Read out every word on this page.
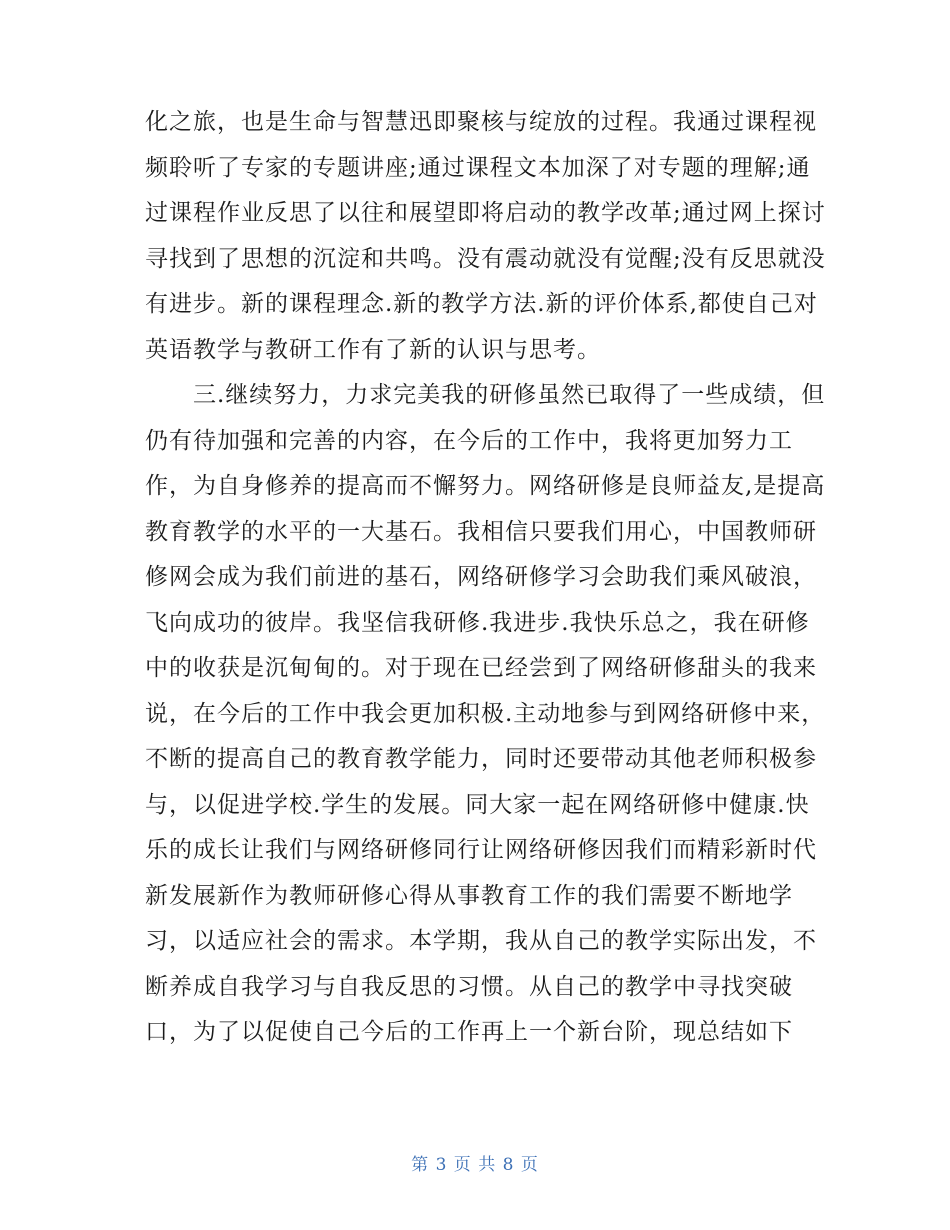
化之旅，也是生命与智慧迅即聚核与绽放的过程。我通过课程视
频聆听了专家的专题讲座;通过课程文本加深了对专题的理解;通
过课程作业反思了以往和展望即将启动的教学改革;通过网上探讨
寻找到了思想的沉淀和共鸣。没有震动就没有觉醒;没有反思就没
有进步。新的课程理念.新的教学方法.新的评价体系,都使自己对
英语教学与教研工作有了新的认识与思考。
　　三.继续努力，力求完美我的研修虽然已取得了一些成绩，但
仍有待加强和完善的内容，在今后的工作中，我将更加努力工
作，为自身修养的提高而不懈努力。网络研修是良师益友,是提高
教育教学的水平的一大基石。我相信只要我们用心，中国教师研
修网会成为我们前进的基石，网络研修学习会助我们乘风破浪，
飞向成功的彼岸。我坚信我研修.我进步.我快乐总之，我在研修
中的收获是沉甸甸的。对于现在已经尝到了网络研修甜头的我来
说，在今后的工作中我会更加积极.主动地参与到网络研修中来，
不断的提高自己的教育教学能力，同时还要带动其他老师积极参
与，以促进学校.学生的发展。同大家一起在网络研修中健康.快
乐的成长让我们与网络研修同行让网络研修因我们而精彩新时代
新发展新作为教师研修心得从事教育工作的我们需要不断地学
习，以适应社会的需求。本学期，我从自己的教学实际出发，不
断养成自我学习与自我反思的习惯。从自己的教学中寻找突破
口，为了以促使自己今后的工作再上一个新台阶，现总结如下
第 3 页 共 8 页
